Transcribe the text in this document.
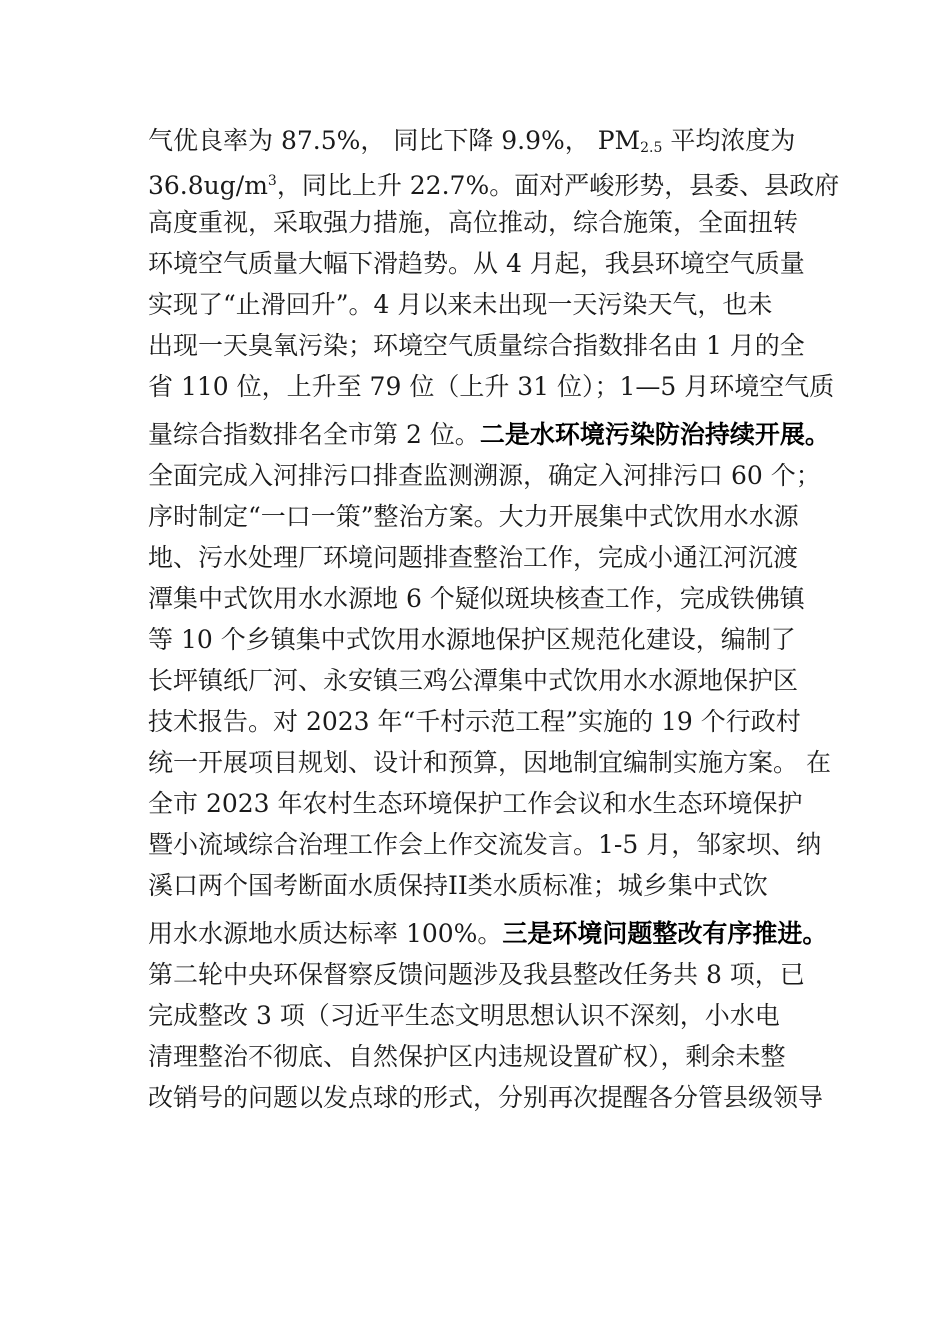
气优良率为 87.5%， 同比下降 9.9%， $PM_{2.5}$ 平均浓度为
$36.8ug/m^3$，同比上升 22.7%。面对严峻形势，县委、县政府
高度重视，采取强力措施，高位推动，综合施策，全面扭转
环境空气质量大幅下滑趋势。从 4 月起，我县环境空气质量
实现了“止滑回升”。4 月以来未出现一天污染天气，也未
出现一天臭氧污染；环境空气质量综合指数排名由 1 月的全
省 110 位，上升至 79 位（上升 31 位）；1—5 月环境空气质
量综合指数排名全市第 2 位。二是水环境污染防治持续开展。
全面完成入河排污口排查监测溯源，确定入河排污口 60 个；
序时制定“一口一策”整治方案。大力开展集中式饮用水水源
地、污水处理厂环境问题排查整治工作，完成小通江河沉渡
潭集中式饮用水水源地 6 个疑似斑块核查工作，完成铁佛镇
等 10 个乡镇集中式饮用水源地保护区规范化建设，编制了
长坪镇纸厂河、永安镇三鸡公潭集中式饮用水水源地保护区
技术报告。对 2023 年“千村示范工程”实施的 19 个行政村
统一开展项目规划、设计和预算，因地制宜编制实施方案。 在
全市 2023 年农村生态环境保护工作会议和水生态环境保护
暨小流域综合治理工作会上作交流发言。1-5 月，邹家坝、纳
溪口两个国考断面水质保持II类水质标准；城乡集中式饮
用水水源地水质达标率 100%。三是环境问题整改有序推进。
第二轮中央环保督察反馈问题涉及我县整改任务共 8 项，已
完成整改 3 项（习近平生态文明思想认识不深刻，小水电
清理整治不彻底、自然保护区内违规设置矿权），剩余未整
改销号的问题以发点球的形式，分别再次提醒各分管县级领导
